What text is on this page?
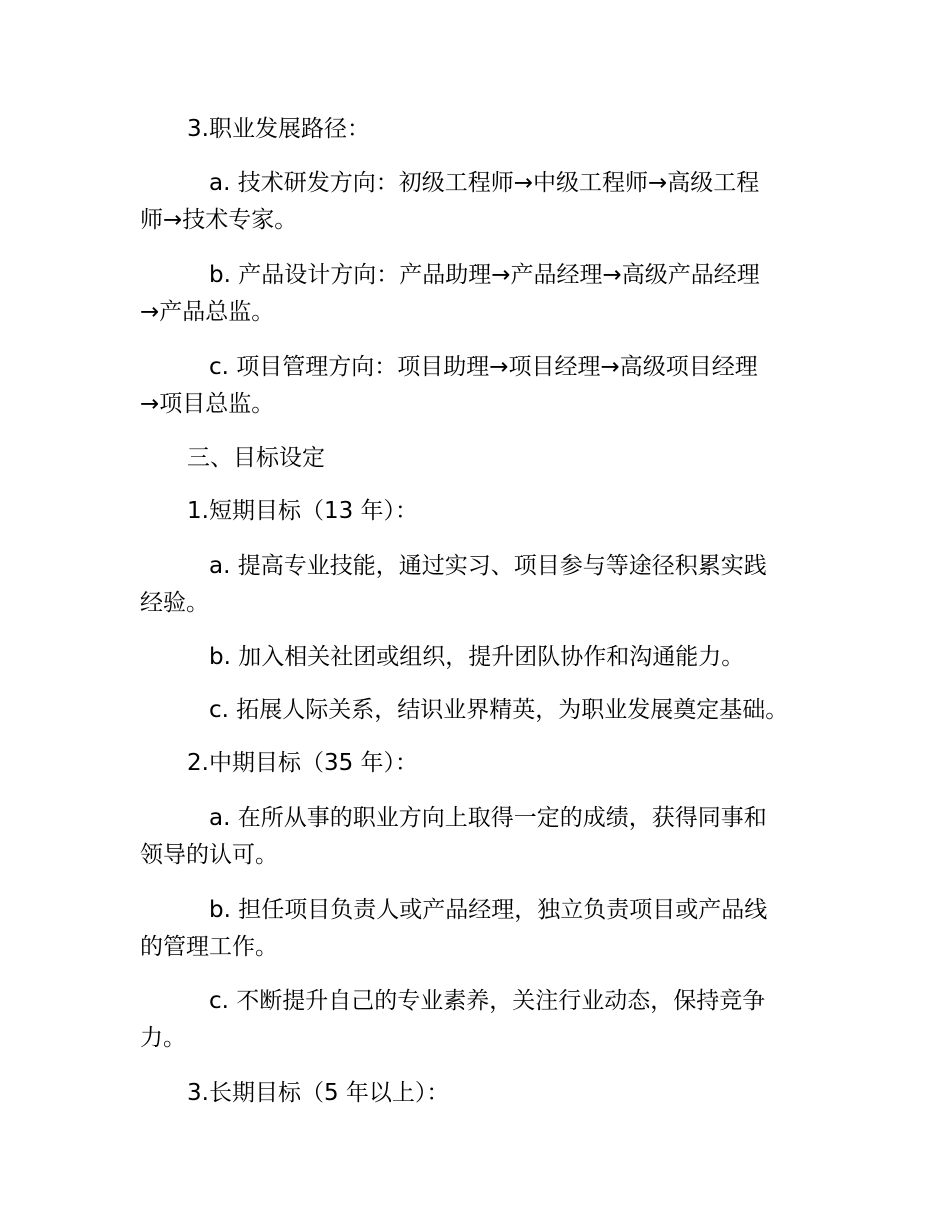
3.职业发展路径：
a. 技术研发方向：初级工程师→中级工程师→高级工程
师→技术专家。
b. 产品设计方向：产品助理→产品经理→高级产品经理
→产品总监。
c. 项目管理方向：项目助理→项目经理→高级项目经理
→项目总监。
三、目标设定
1.短期目标（13 年）：
a. 提高专业技能，通过实习、项目参与等途径积累实践
经验。
b. 加入相关社团或组织，提升团队协作和沟通能力。
c. 拓展人际关系，结识业界精英，为职业发展奠定基础。
2.中期目标（35 年）：
a. 在所从事的职业方向上取得一定的成绩，获得同事和
领导的认可。
b. 担任项目负责人或产品经理，独立负责项目或产品线
的管理工作。
c. 不断提升自己的专业素养，关注行业动态，保持竞争
力。
3.长期目标（5 年以上）：
